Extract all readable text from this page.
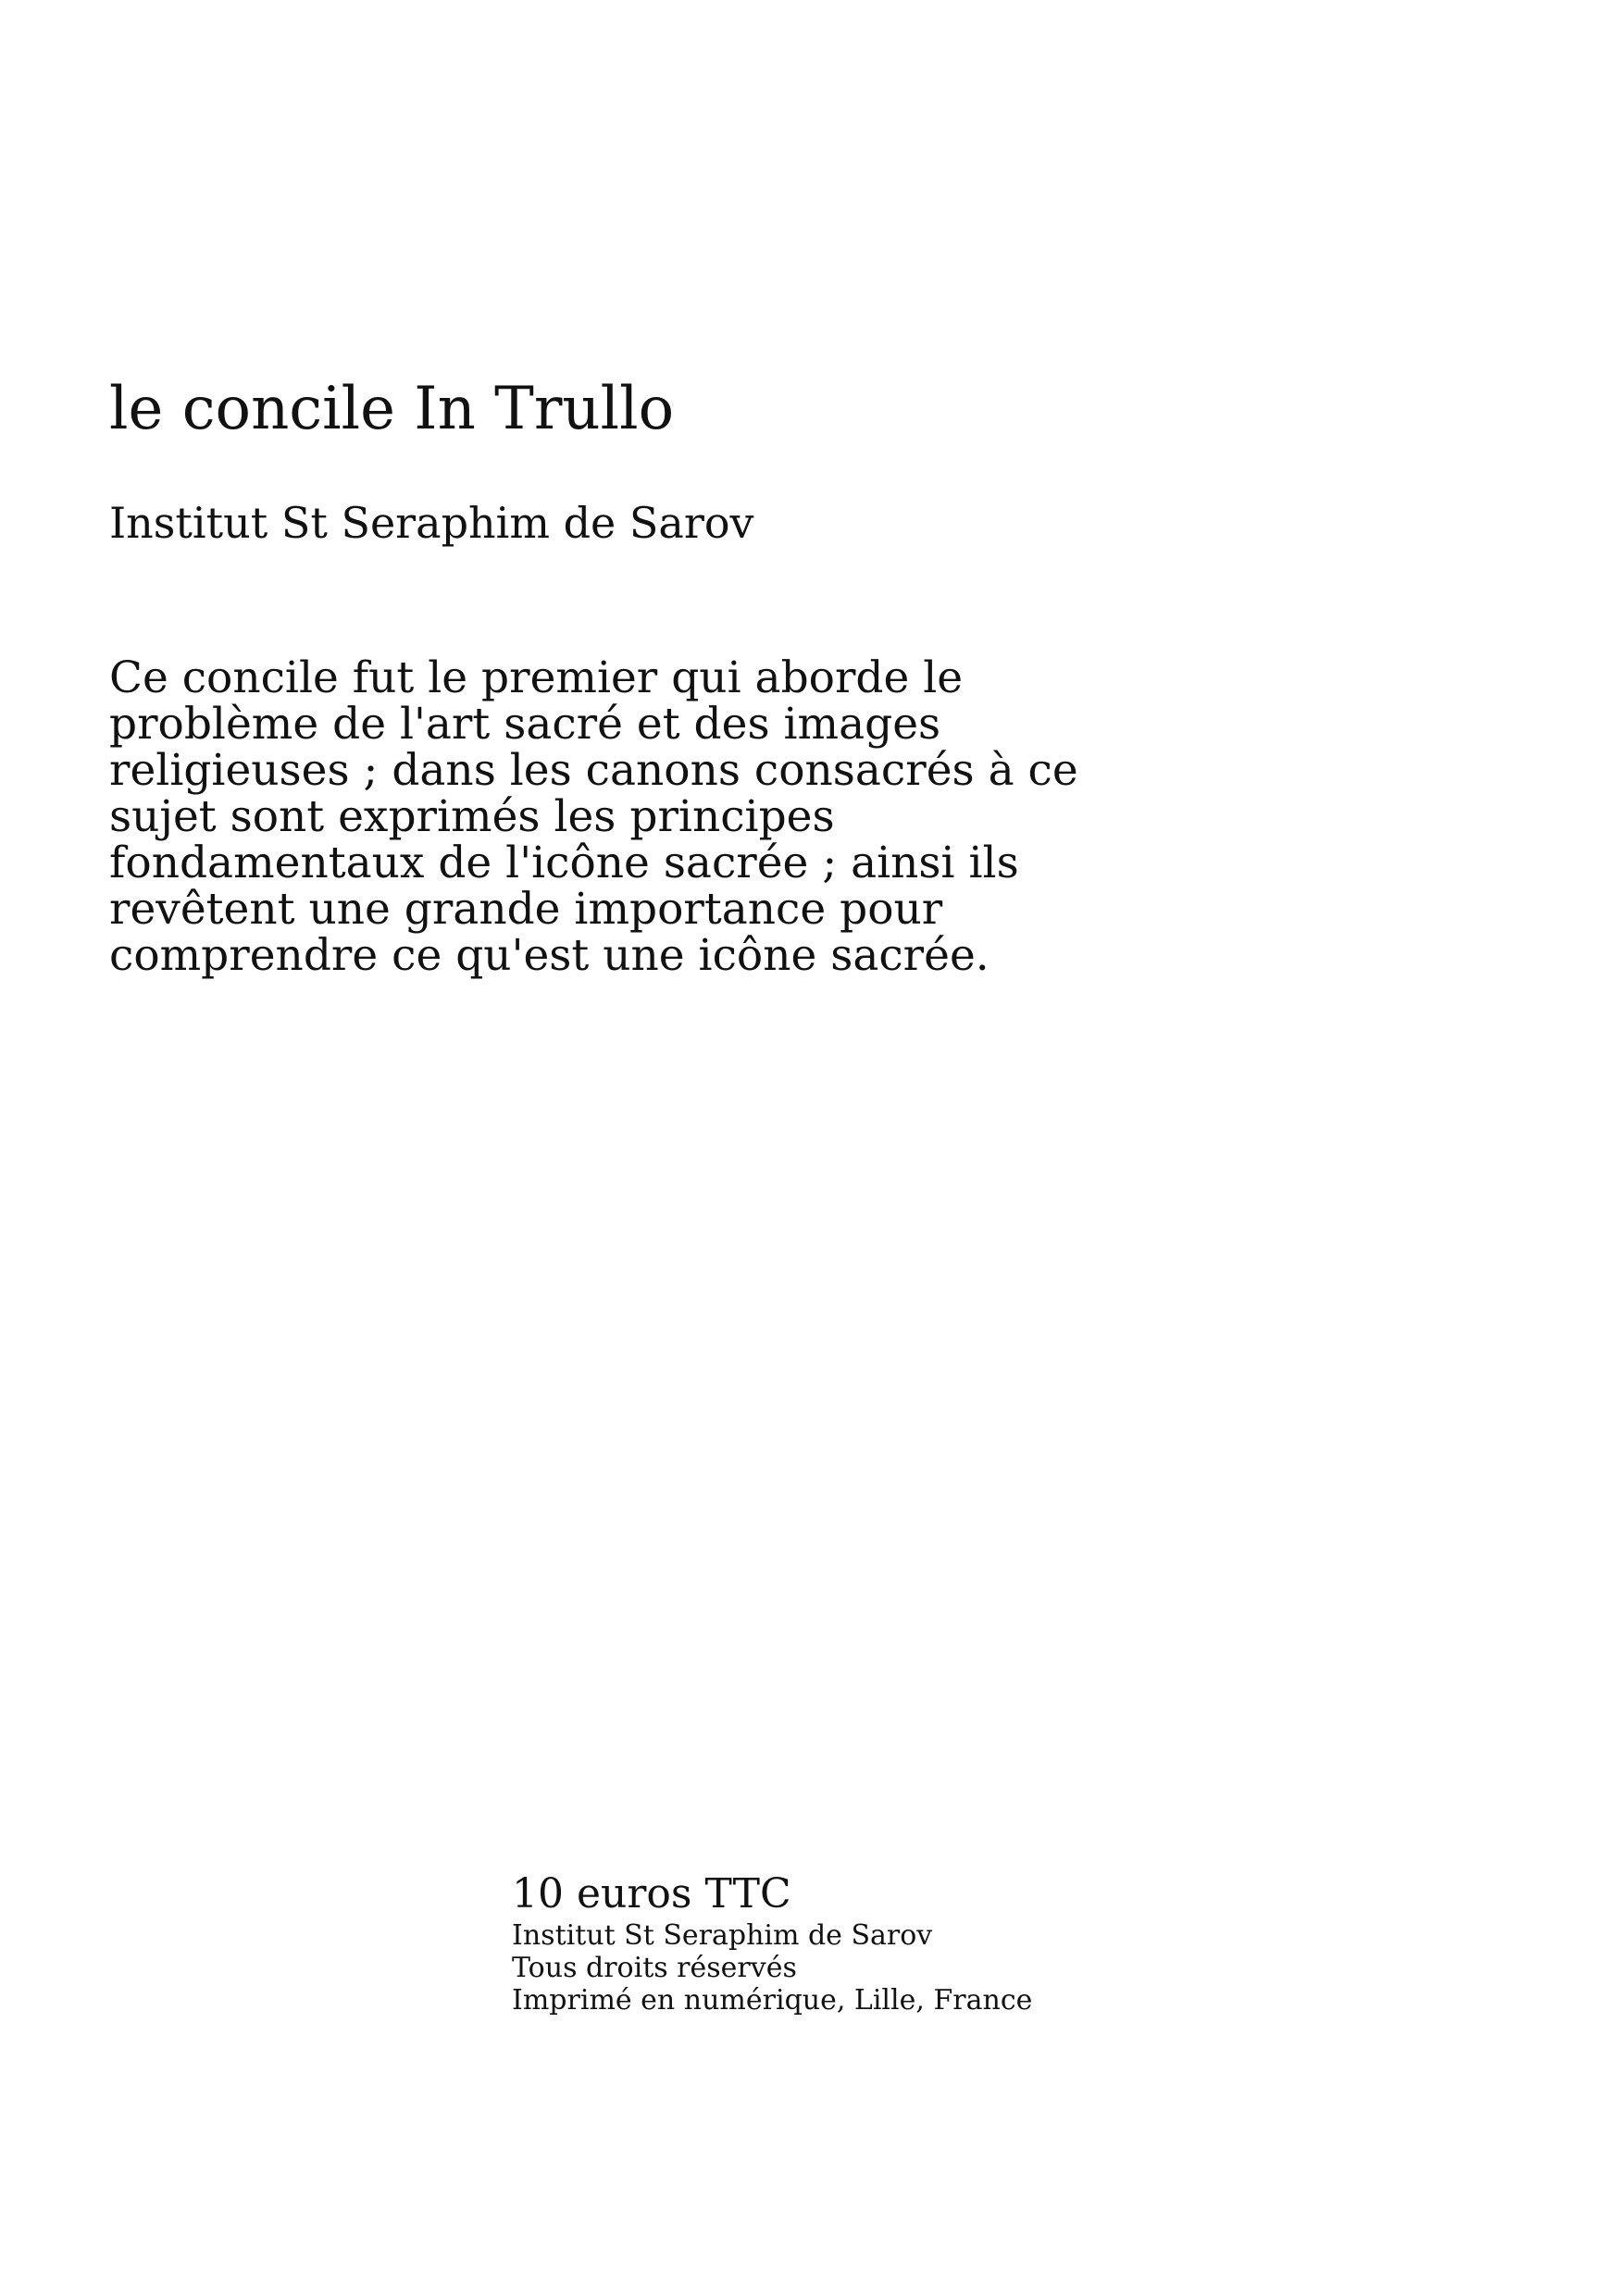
le concile In Trullo
Institut St Seraphim de Sarov
Ce concile fut le premier qui aborde le
problème de l'art sacré et des images
religieuses ; dans les canons consacrés à ce
sujet sont exprimés les principes
fondamentaux de l'icône sacrée ; ainsi ils
revêtent une grande importance pour
comprendre ce qu'est une icône sacrée.
10 euros TTC
Institut St Seraphim de Sarov
Tous droits réservés
Imprimé en numérique, Lille, France
